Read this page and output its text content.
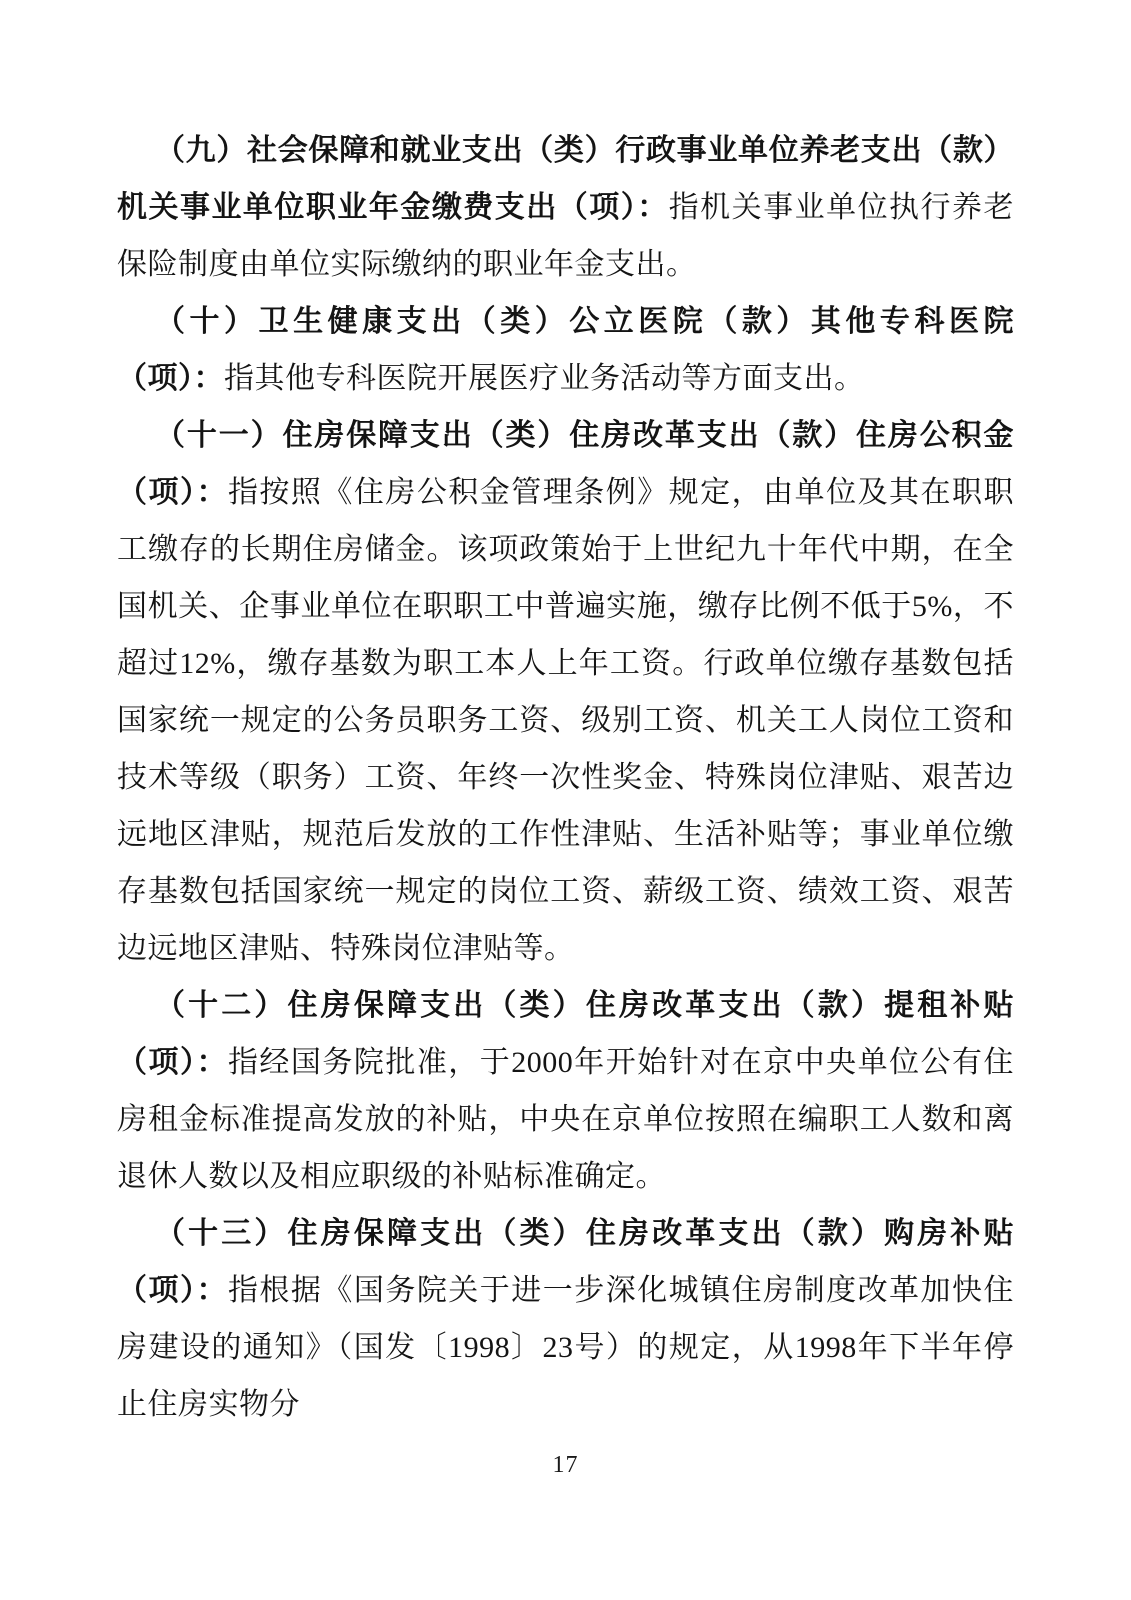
（九）社会保障和就业支出（类）行政事业单位养老支出（款）机关事业单位职业年金缴费支出（项）：指机关事业单位执行养老保险制度由单位实际缴纳的职业年金支出。

（十）卫生健康支出（类）公立医院（款）其他专科医院（项）：指其他专科医院开展医疗业务活动等方面支出。

（十一）住房保障支出（类）住房改革支出（款）住房公积金（项）：指按照《住房公积金管理条例》规定，由单位及其在职职工缴存的长期住房储金。该项政策始于上世纪九十年代中期，在全国机关、企事业单位在职职工中普遍实施，缴存比例不低于5%，不超过12%，缴存基数为职工本人上年工资。行政单位缴存基数包括国家统一规定的公务员职务工资、级别工资、机关工人岗位工资和技术等级（职务）工资、年终一次性奖金、特殊岗位津贴、艰苦边远地区津贴，规范后发放的工作性津贴、生活补贴等；事业单位缴存基数包括国家统一规定的岗位工资、薪级工资、绩效工资、艰苦边远地区津贴、特殊岗位津贴等。

（十二）住房保障支出（类）住房改革支出（款）提租补贴（项）：指经国务院批准，于2000年开始针对在京中央单位公有住房租金标准提高发放的补贴，中央在京单位按照在编职工人数和离退休人数以及相应职级的补贴标准确定。

（十三）住房保障支出（类）住房改革支出（款）购房补贴（项）：指根据《国务院关于进一步深化城镇住房制度改革加快住房建设的通知》（国发〔1998〕23号）的规定，从1998年下半年停止住房实物分

17
